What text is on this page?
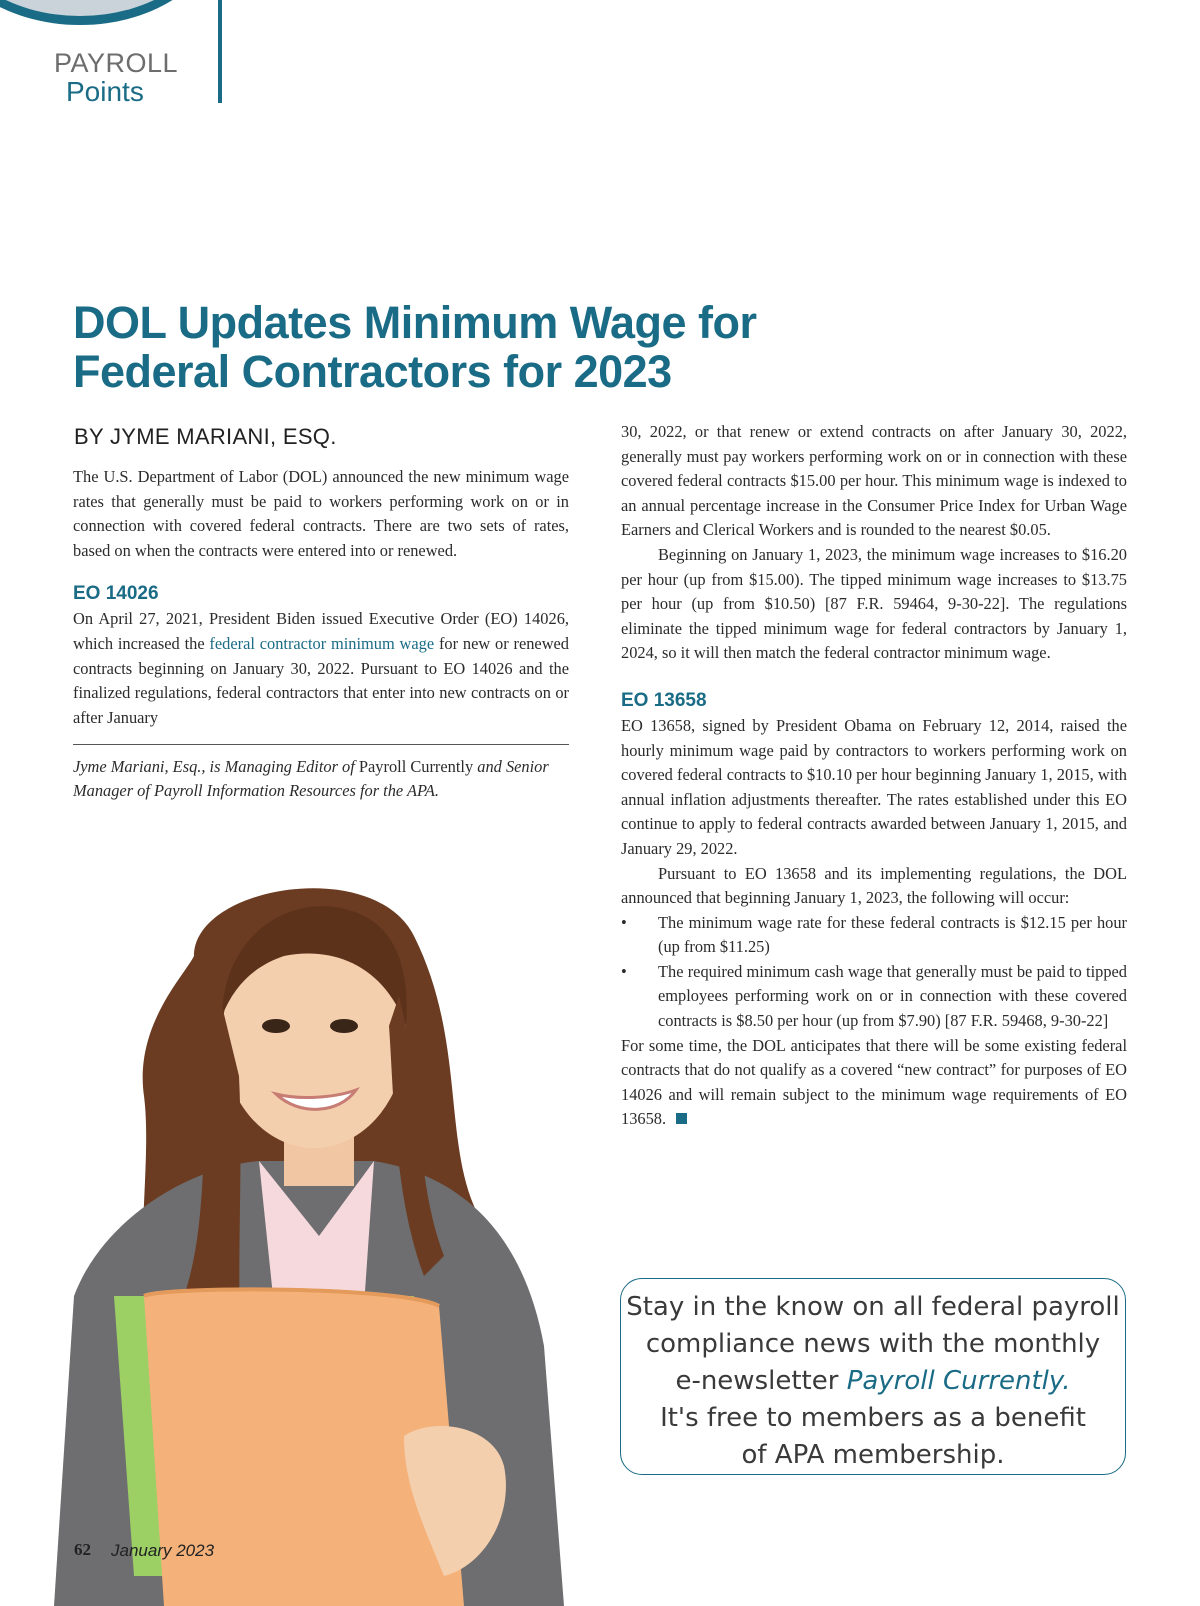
PAYROLL
Points
DOL Updates Minimum Wage for
Federal Contractors for 2023
BY JYME MARIANI, ESQ.

The U.S. Department of Labor (DOL) announced the new minimum wage rates that generally must be paid to workers performing work on or in connection with covered federal contracts. There are two sets of rates, based on when the contracts were entered into or renewed.

EO 14026

On April 27, 2021, President Biden issued Executive Order (EO) 14026, which increased the federal contractor minimum wage for new or renewed contracts beginning on January 30, 2022. Pursuant to EO 14026 and the finalized regulations, federal contractors that enter into new contracts on or after January

Jyme Mariani, Esq., is Managing Editor of Payroll Currently and Senior Manager of Payroll Information Resources for the APA.

30, 2022, or that renew or extend contracts on after January 30, 2022, generally must pay workers performing work on or in connection with these covered federal contracts $15.00 per hour. This minimum wage is indexed to an annual percentage increase in the Consumer Price Index for Urban Wage Earners and Clerical Workers and is rounded to the nearest $0.05.

Beginning on January 1, 2023, the minimum wage increases to $16.20 per hour (up from $15.00). The tipped minimum wage increases to $13.75 per hour (up from $10.50) [87 F.R. 59464, 9-30-22]. The regulations eliminate the tipped minimum wage for federal contractors by January 1, 2024, so it will then match the federal contractor minimum wage.

EO 13658

EO 13658, signed by President Obama on February 12, 2014, raised the hourly minimum wage paid by contractors to workers performing work on covered federal contracts to $10.10 per hour beginning January 1, 2015, with annual inflation adjustments thereafter. The rates established under this EO continue to apply to federal contracts awarded between January 1, 2015, and January 29, 2022.

Pursuant to EO 13658 and its implementing regulations, the DOL announced that beginning January 1, 2023, the following will occur:

• The minimum wage rate for these federal contracts is $12.15 per hour (up from $11.25)
• The required minimum cash wage that generally must be paid to tipped employees performing work on or in connection with these covered contracts is $8.50 per hour (up from $7.90) [87 F.R. 59468, 9-30-22]

For some time, the DOL anticipates that there will be some existing federal contracts that do not qualify as a covered “new contract” for purposes of EO 14026 and will remain subject to the minimum wage requirements of EO 13658.

Stay in the know on all federal payroll
compliance news with the monthly
e-newsletter Payroll Currently.
It's free to members as a benefit
of APA membership.
62 January 2023
